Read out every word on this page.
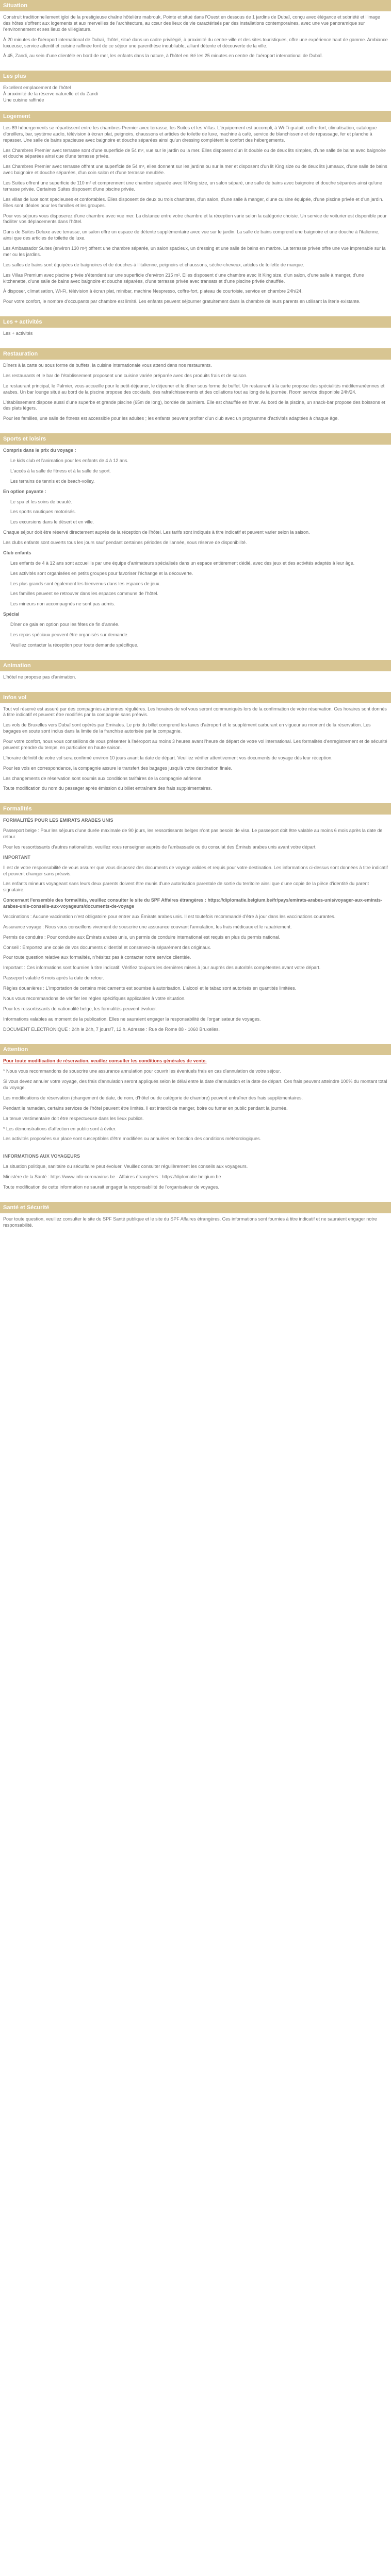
Situation

Construit traditionnellement igloi de la prestigieuse chaîne hôtelière mabrouk, Pointe et situé dans l'Ouest en dessous de 1 jardins de Dubaï, conçu avec élégance et sobriété et l'image des hôtes s'offrent aux logements et aux merveilles de l'architecture, au cœur des lieux de vie caractérisés par des installations contemporaines, avec une vue panoramique sur l'environnement et ses lieux de villégiature.

À 20 minutes de l'aéroport international de Dubaï, l'hôtel, situé dans un cadre privilégié, à proximité du centre-ville et des sites touristiques, offre une expérience haut de gamme. Ambiance luxueuse, service attentif et cuisine raffinée font de ce séjour une parenthèse inoubliable, alliant détente et découverte de la ville.

À 45, Zandi, au sein d'une clientèle en bord de mer, les enfants dans la nature, à l'hôtel en été les 25 minutes en centre de l'aéroport international de Dubaï.

Les plus
Excellent emplacement de l'hôtel
À proximité de la réserve naturelle et du Zandi
Une cuisine raffinée
Logement

Les 89 hébergements se répartissent entre les chambres Premier avec terrasse, les Suites et les Villas. L'équipement est accompli, à Wi-Fi gratuit, coffre-fort, climatisation, catalogue d'oreillers, bar, système audio, télévision à écran plat, peignoirs, chaussons et articles de toilette de luxe, machine à café, service de blanchisserie et de repassage, fer et planche à repasser. Une salle de bains spacieuse avec baignoire et douche séparées ainsi qu'un dressing complètent le confort des hébergements.

Les Chambres Premier avec terrasse sont d'une superficie de 54 m², vue sur le jardin ou la mer. Elles disposent d'un lit double ou de deux lits simples, d'une salle de bains avec baignoire et douche séparées ainsi que d'une terrasse privée.

Les Chambres Premier avec terrasse offrent une superficie de 54 m², elles donnent sur les jardins ou sur la mer et disposent d'un lit King size ou de deux lits jumeaux, d'une salle de bains avec baignoire et douche séparées, d'un coin salon et d'une terrasse meublée.

Les Suites offrent une superficie de 110 m² et comprennent une chambre séparée avec lit King size, un salon séparé, une salle de bains avec baignoire et douche séparées ainsi qu'une terrasse privée. Certaines Suites disposent d'une piscine privée.

Les villas de luxe sont spacieuses et confortables. Elles disposent de deux ou trois chambres, d'un salon, d'une salle à manger, d'une cuisine équipée, d'une piscine privée et d'un jardin. Elles sont idéales pour les familles et les groupes.

Pour vos séjours vous disposerez d'une chambre avec vue mer. La distance entre votre chambre et la réception varie selon la catégorie choisie. Un service de voiturier est disponible pour faciliter vos déplacements dans l'hôtel.

Dans de Suites Deluxe avec terrasse, un salon offre un espace de détente supplémentaire avec vue sur le jardin. La salle de bains comprend une baignoire et une douche à l'italienne, ainsi que des articles de toilette de luxe.

Les Ambassador Suites (environ 130 m²) offrent une chambre séparée, un salon spacieux, un dressing et une salle de bains en marbre. La terrasse privée offre une vue imprenable sur la mer ou les jardins.

Les salles de bains sont équipées de baignoires et de douches à l'italienne, peignoirs et chaussons, sèche-cheveux, articles de toilette de marque.

Les Villas Premium avec piscine privée s'étendent sur une superficie d'environ 215 m². Elles disposent d'une chambre avec lit King size, d'un salon, d'une salle à manger, d'une kitchenette, d'une salle de bains avec baignoire et douche séparées, d'une terrasse privée avec transats et d'une piscine privée chauffée.

À disposer, climatisation, Wi-Fi, télévision à écran plat, minibar, machine Nespresso, coffre-fort, plateau de courtoisie, service en chambre 24h/24.

Pour votre confort, le nombre d'occupants par chambre est limité. Les enfants peuvent séjourner gratuitement dans la chambre de leurs parents en utilisant la literie existante.

Les + activités

Les + activités

Restauration

Dîners à la carte ou sous forme de buffets, la cuisine internationale vous attend dans nos restaurants.

Les restaurants et le bar de l'établissement proposent une cuisine variée préparée avec des produits frais et de saison.

Le restaurant principal, le Palmier, vous accueille pour le petit-déjeuner, le déjeuner et le dîner sous forme de buffet. Un restaurant à la carte propose des spécialités méditerranéennes et arabes. Un bar lounge situé au bord de la piscine propose des cocktails, des rafraîchissements et des collations tout au long de la journée. Room service disponible 24h/24.

L'établissement dispose aussi d'une superbe et grande piscine (65m de long), bordée de palmiers. Elle est chauffée en hiver. Au bord de la piscine, un snack-bar propose des boissons et des plats légers.

Pour les familles, une salle de fitness est accessible pour les adultes ; les enfants peuvent profiter d'un club avec un programme d'activités adaptées à chaque âge.

Sports et loisirs

Compris dans le prix du voyage :

Le kids club et l'animation pour les enfants de 4 à 12 ans.

L'accès à la salle de fitness et à la salle de sport.

Les terrains de tennis et de beach-volley.

En option payante :

Le spa et les soins de beauté.

Les sports nautiques motorisés.

Les excursions dans le désert et en ville.

Chaque séjour doit être réservé directement auprès de la réception de l'hôtel. Les tarifs sont indiqués à titre indicatif et peuvent varier selon la saison.

Les clubs enfants sont ouverts tous les jours sauf pendant certaines périodes de l'année, sous réserve de disponibilité.

Club enfants

Les enfants de 4 à 12 ans sont accueillis par une équipe d'animateurs spécialisés dans un espace entièrement dédié, avec des jeux et des activités adaptés à leur âge.

Les activités sont organisées en petits groupes pour favoriser l'échange et la découverte.

Les plus grands sont également les bienvenus dans les espaces de jeux.

Les familles peuvent se retrouver dans les espaces communs de l'hôtel.

Les mineurs non accompagnés ne sont pas admis.

Spécial

Dîner de gala en option pour les fêtes de fin d'année.

Les repas spéciaux peuvent être organisés sur demande.

Veuillez contacter la réception pour toute demande spécifique.

Animation

L'hôtel ne propose pas d'animation.

Infos vol

Tout vol réservé est assuré par des compagnies aériennes régulières. Les horaires de vol vous seront communiqués lors de la confirmation de votre réservation. Ces horaires sont donnés à titre indicatif et peuvent être modifiés par la compagnie sans préavis.

Les vols de Bruxelles vers Dubaï sont opérés par Emirates. Le prix du billet comprend les taxes d'aéroport et le supplément carburant en vigueur au moment de la réservation. Les bagages en soute sont inclus dans la limite de la franchise autorisée par la compagnie.

Pour votre confort, nous vous conseillons de vous présenter à l'aéroport au moins 3 heures avant l'heure de départ de votre vol international. Les formalités d'enregistrement et de sécurité peuvent prendre du temps, en particulier en haute saison.

L'horaire définitif de votre vol sera confirmé environ 10 jours avant la date de départ. Veuillez vérifier attentivement vos documents de voyage dès leur réception.

Pour les vols en correspondance, la compagnie assure le transfert des bagages jusqu'à votre destination finale.

Les changements de réservation sont soumis aux conditions tarifaires de la compagnie aérienne.

Toute modification du nom du passager après émission du billet entraînera des frais supplémentaires.

Formalités

FORMALITÉS POUR LES EMIRATS ARABES UNIS

Passeport belge : Pour les séjours d'une durée maximale de 90 jours, les ressortissants belges n'ont pas besoin de visa. Le passeport doit être valable au moins 6 mois après la date de retour.

Pour les ressortissants d'autres nationalités, veuillez vous renseigner auprès de l'ambassade ou du consulat des Émirats arabes unis avant votre départ.

IMPORTANT

Il est de votre responsabilité de vous assurer que vous disposez des documents de voyage valides et requis pour votre destination. Les informations ci-dessus sont données à titre indicatif et peuvent changer sans préavis.

Les enfants mineurs voyageant sans leurs deux parents doivent être munis d'une autorisation parentale de sortie du territoire ainsi que d'une copie de la pièce d'identité du parent signataire.

Concernant l'ensemble des formalités, veuillez consulter le site du SPF Affaires étrangères : https://diplomatie.belgium.be/fr/pays/emirats-arabes-unis/voyager-aux-emirats-arabes-unis-conseils-aux-voyageurs/documents-de-voyage

Vaccinations : Aucune vaccination n'est obligatoire pour entrer aux Émirats arabes unis. Il est toutefois recommandé d'être à jour dans les vaccinations courantes.

Assurance voyage : Nous vous conseillons vivement de souscrire une assurance couvrant l'annulation, les frais médicaux et le rapatriement.

Permis de conduire : Pour conduire aux Émirats arabes unis, un permis de conduire international est requis en plus du permis national.

Conseil : Emportez une copie de vos documents d'identité et conservez-la séparément des originaux.

Pour toute question relative aux formalités, n'hésitez pas à contacter notre service clientèle.

Important : Ces informations sont fournies à titre indicatif. Vérifiez toujours les dernières mises à jour auprès des autorités compétentes avant votre départ.

Passeport valable 6 mois après la date de retour.

Règles douanières : L'importation de certains médicaments est soumise à autorisation. L'alcool et le tabac sont autorisés en quantités limitées.

Nous vous recommandons de vérifier les règles spécifiques applicables à votre situation.

Pour les ressortissants de nationalité belge, les formalités peuvent évoluer.

Informations valables au moment de la publication. Elles ne sauraient engager la responsabilité de l'organisateur de voyages.

DOCUMENT ÉLECTRONIQUE : 24h le 24h, 7 jours/7, 12 h. Adresse : Rue de Rome 88 - 1060 Bruxelles.

Attention

Pour toute modification de réservation, veuillez consulter les conditions générales de vente.

* Nous vous recommandons de souscrire une assurance annulation pour couvrir les éventuels frais en cas d'annulation de votre séjour.

Si vous devez annuler votre voyage, des frais d'annulation seront appliqués selon le délai entre la date d'annulation et la date de départ. Ces frais peuvent atteindre 100% du montant total du voyage.

Les modifications de réservation (changement de date, de nom, d'hôtel ou de catégorie de chambre) peuvent entraîner des frais supplémentaires.

Pendant le ramadan, certains services de l'hôtel peuvent être limités. Il est interdit de manger, boire ou fumer en public pendant la journée.

La tenue vestimentaire doit être respectueuse dans les lieux publics.

* Les démonstrations d'affection en public sont à éviter.

Les activités proposées sur place sont susceptibles d'être modifiées ou annulées en fonction des conditions météorologiques.

INFORMATIONS AUX VOYAGEURS

La situation politique, sanitaire ou sécuritaire peut évoluer. Veuillez consulter régulièrement les conseils aux voyageurs.

Ministère de la Santé : https://www.info-coronavirus.be · Affaires étrangères : https://diplomatie.belgium.be

Toute modification de cette information ne saurait engager la responsabilité de l'organisateur de voyages.

Santé et Sécurité

Pour toute question, veuillez consulter le site du SPF Santé publique et le site du SPF Affaires étrangères. Ces informations sont fournies à titre indicatif et ne sauraient engager notre responsabilité.
